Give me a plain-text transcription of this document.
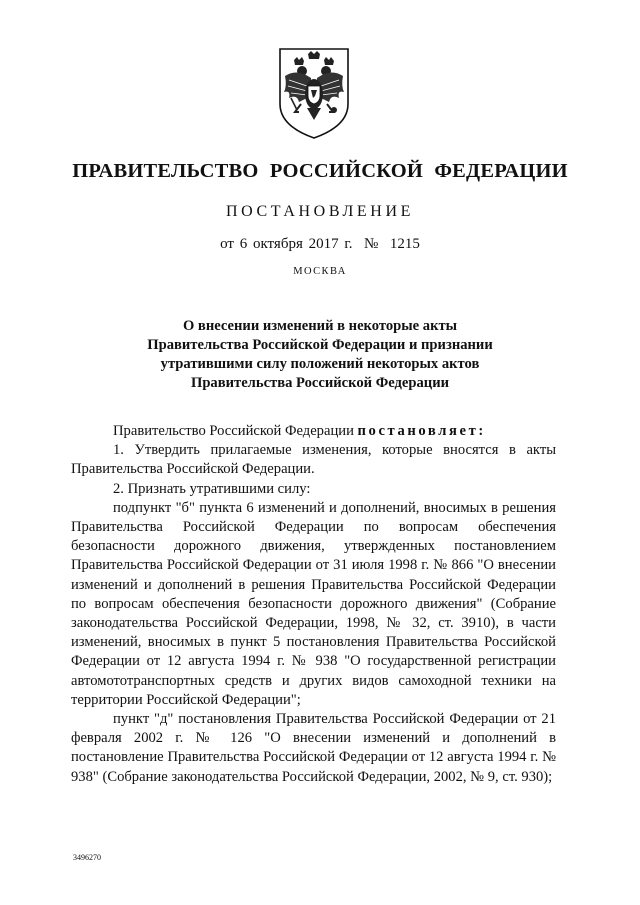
ПРАВИТЕЛЬСТВО РОССИЙСКОЙ ФЕДЕРАЦИИ
ПОСТАНОВЛЕНИЕ
от 6 октября 2017 г.  №  1215
МОСКВА
О внесении изменений в некоторые акты
Правительства Российской Федерации и признании
утратившими силу положений некоторых актов
Правительства Российской Федерации

Правительство Российской Федерации постановляет:

1. Утвердить прилагаемые изменения, которые вносятся в акты Правительства Российской Федерации.

2. Признать утратившими силу:

подпункт "б" пункта 6 изменений и дополнений, вносимых в решения Правительства Российской Федерации по вопросам обеспечения безопасности дорожного движения, утвержденных постановлением Правительства Российской Федерации от 31 июля 1998 г. № 866 "О внесении изменений и дополнений в решения Правительства Российской Федерации по вопросам обеспечения безопасности дорожного движения" (Собрание законодательства Российской Федерации, 1998, № 32, ст. 3910), в части изменений, вносимых в пункт 5 постановления Правительства Российской Федерации от 12 августа 1994 г. № 938 "О государственной регистрации автомототранспортных средств и других видов самоходной техники на территории Российской Федерации";

пункт "д" постановления Правительства Российской Федерации от 21 февраля 2002 г. № 126 "О внесении изменений и дополнений в постановление Правительства Российской Федерации от 12 августа 1994 г. № 938" (Собрание законодательства Российской Федерации, 2002, № 9, ст. 930);

3496270
